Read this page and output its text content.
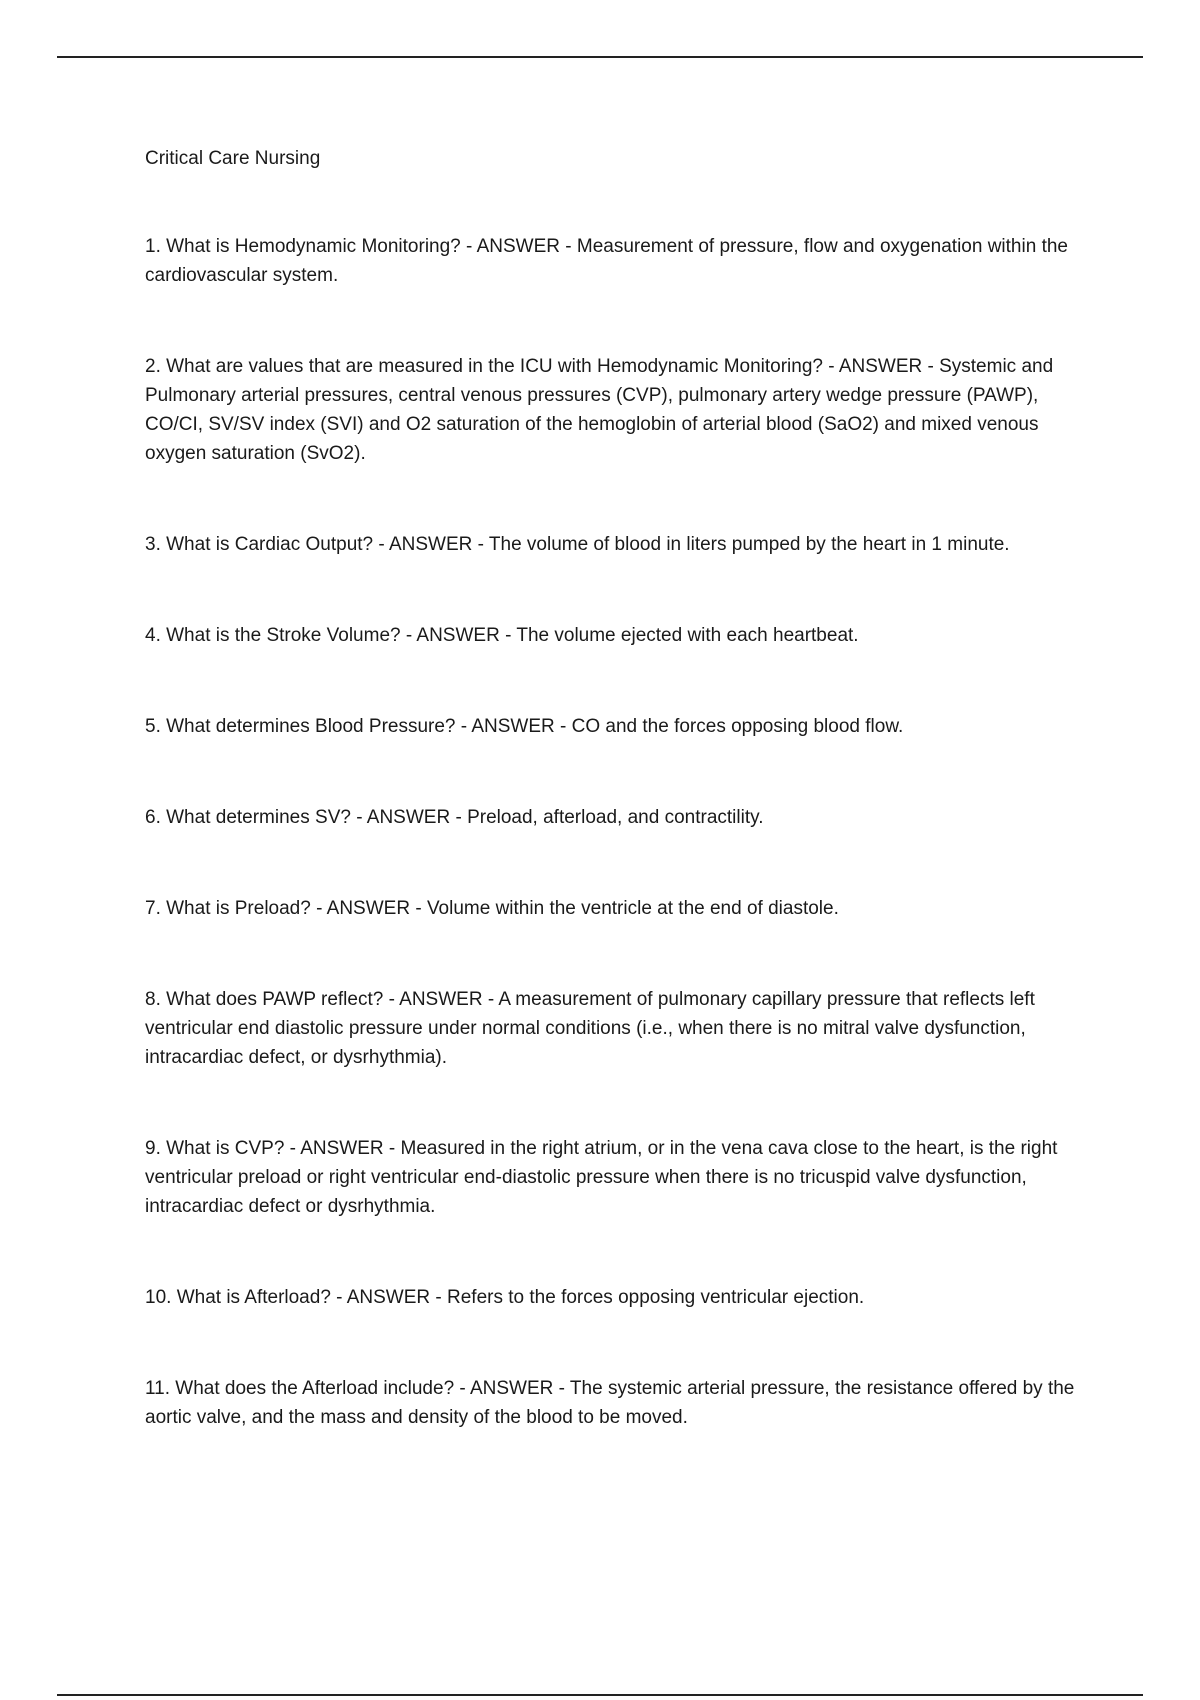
Critical Care Nursing
1. What is Hemodynamic Monitoring? - ANSWER - Measurement of pressure, flow and oxygenation within the cardiovascular system.
2. What are values that are measured in the ICU with Hemodynamic Monitoring? - ANSWER - Systemic and Pulmonary arterial pressures, central venous pressures (CVP), pulmonary artery wedge pressure (PAWP), CO/CI, SV/SV index (SVI) and O2 saturation of the hemoglobin of arterial blood (SaO2) and mixed venous oxygen saturation (SvO2).
3. What is Cardiac Output? - ANSWER - The volume of blood in liters pumped by the heart in 1 minute.
4. What is the Stroke Volume? - ANSWER - The volume ejected with each heartbeat.
5. What determines Blood Pressure? - ANSWER - CO and the forces opposing blood flow.
6. What determines SV? - ANSWER - Preload, afterload, and contractility.
7. What is Preload? - ANSWER - Volume within the ventricle at the end of diastole.
8. What does PAWP reflect? - ANSWER - A measurement of pulmonary capillary pressure that reflects left ventricular end diastolic pressure under normal conditions (i.e., when there is no mitral valve dysfunction, intracardiac defect, or dysrhythmia).
9. What is CVP? - ANSWER - Measured in the right atrium, or in the vena cava close to the heart, is the right ventricular preload or right ventricular end-diastolic pressure when there is no tricuspid valve dysfunction, intracardiac defect or dysrhythmia.
10. What is Afterload? - ANSWER - Refers to the forces opposing ventricular ejection.
11. What does the Afterload include? - ANSWER - The systemic arterial pressure, the resistance offered by the aortic valve, and the mass and density of the blood to be moved.
